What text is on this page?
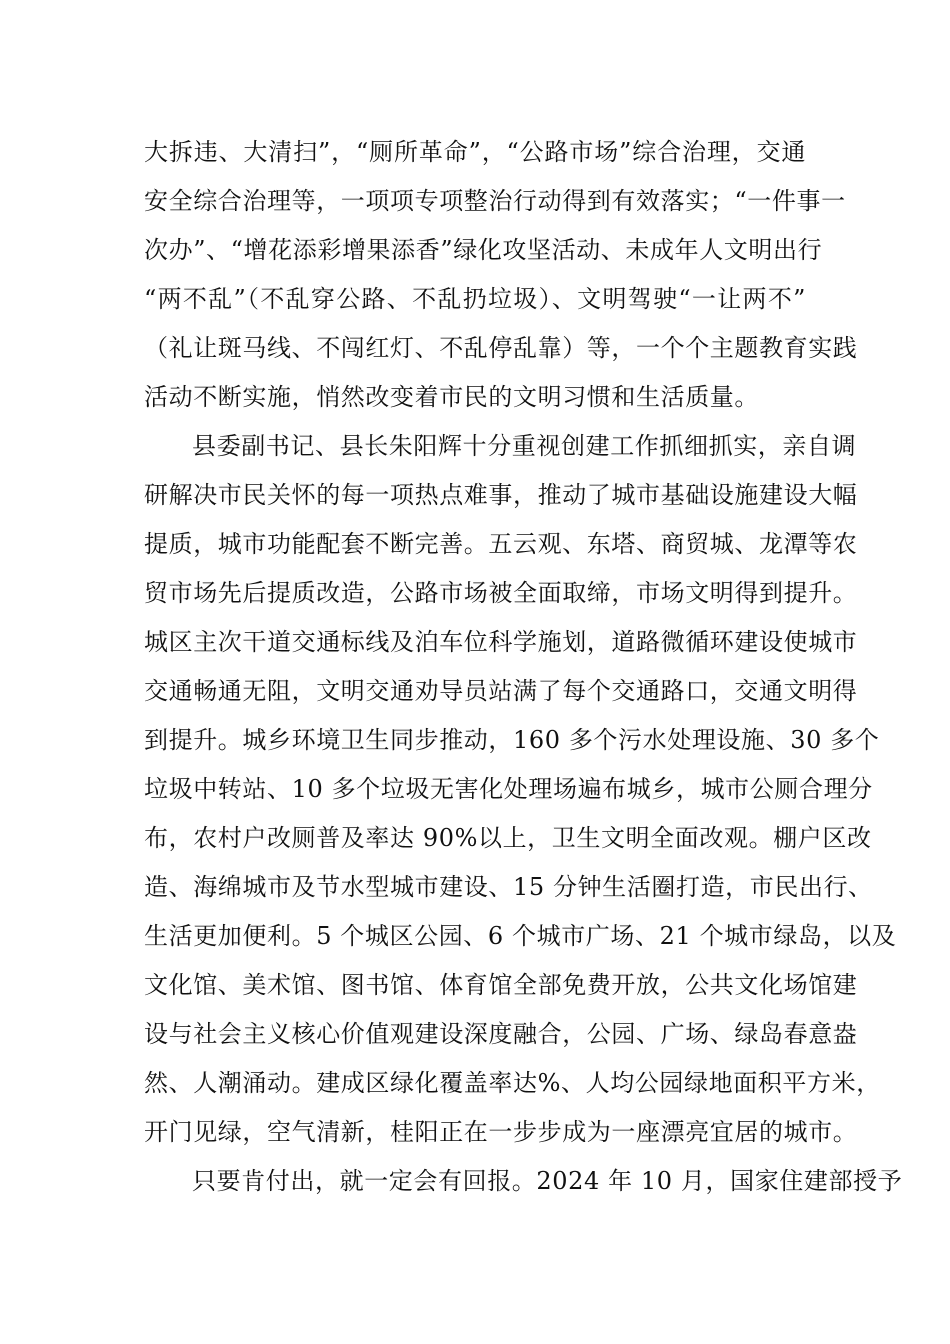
大拆违、大清扫”，“厕所革命”，“公路市场”综合治理，交通
安全综合治理等，一项项专项整治行动得到有效落实；“一件事一
次办”、“增花添彩增果添香”绿化攻坚活动、未成年人文明出行
“两不乱”（不乱穿公路、不乱扔垃圾）、文明驾驶“一让两不”
（礼让斑马线、不闯红灯、不乱停乱靠）等，一个个主题教育实践
活动不断实施，悄然改变着市民的文明习惯和生活质量。
县委副书记、县长朱阳辉十分重视创建工作抓细抓实，亲自调
研解决市民关怀的每一项热点难事，推动了城市基础设施建设大幅
提质，城市功能配套不断完善。五云观、东塔、商贸城、龙潭等农
贸市场先后提质改造，公路市场被全面取缔，市场文明得到提升。
城区主次干道交通标线及泊车位科学施划，道路微循环建设使城市
交通畅通无阻，文明交通劝导员站满了每个交通路口，交通文明得
到提升。城乡环境卫生同步推动，160 多个污水处理设施、30 多个
垃圾中转站、10 多个垃圾无害化处理场遍布城乡，城市公厕合理分
布，农村户改厕普及率达 90%以上，卫生文明全面改观。棚户区改
造、海绵城市及节水型城市建设、15 分钟生活圈打造，市民出行、
生活更加便利。5 个城区公园、6 个城市广场、21 个城市绿岛，以及
文化馆、美术馆、图书馆、体育馆全部免费开放，公共文化场馆建
设与社会主义核心价值观建设深度融合，公园、广场、绿岛春意盎
然、人潮涌动。建成区绿化覆盖率达%、人均公园绿地面积平方米，
开门见绿，空气清新，桂阳正在一步步成为一座漂亮宜居的城市。
只要肯付出，就一定会有回报。2024 年 10 月，国家住建部授予
